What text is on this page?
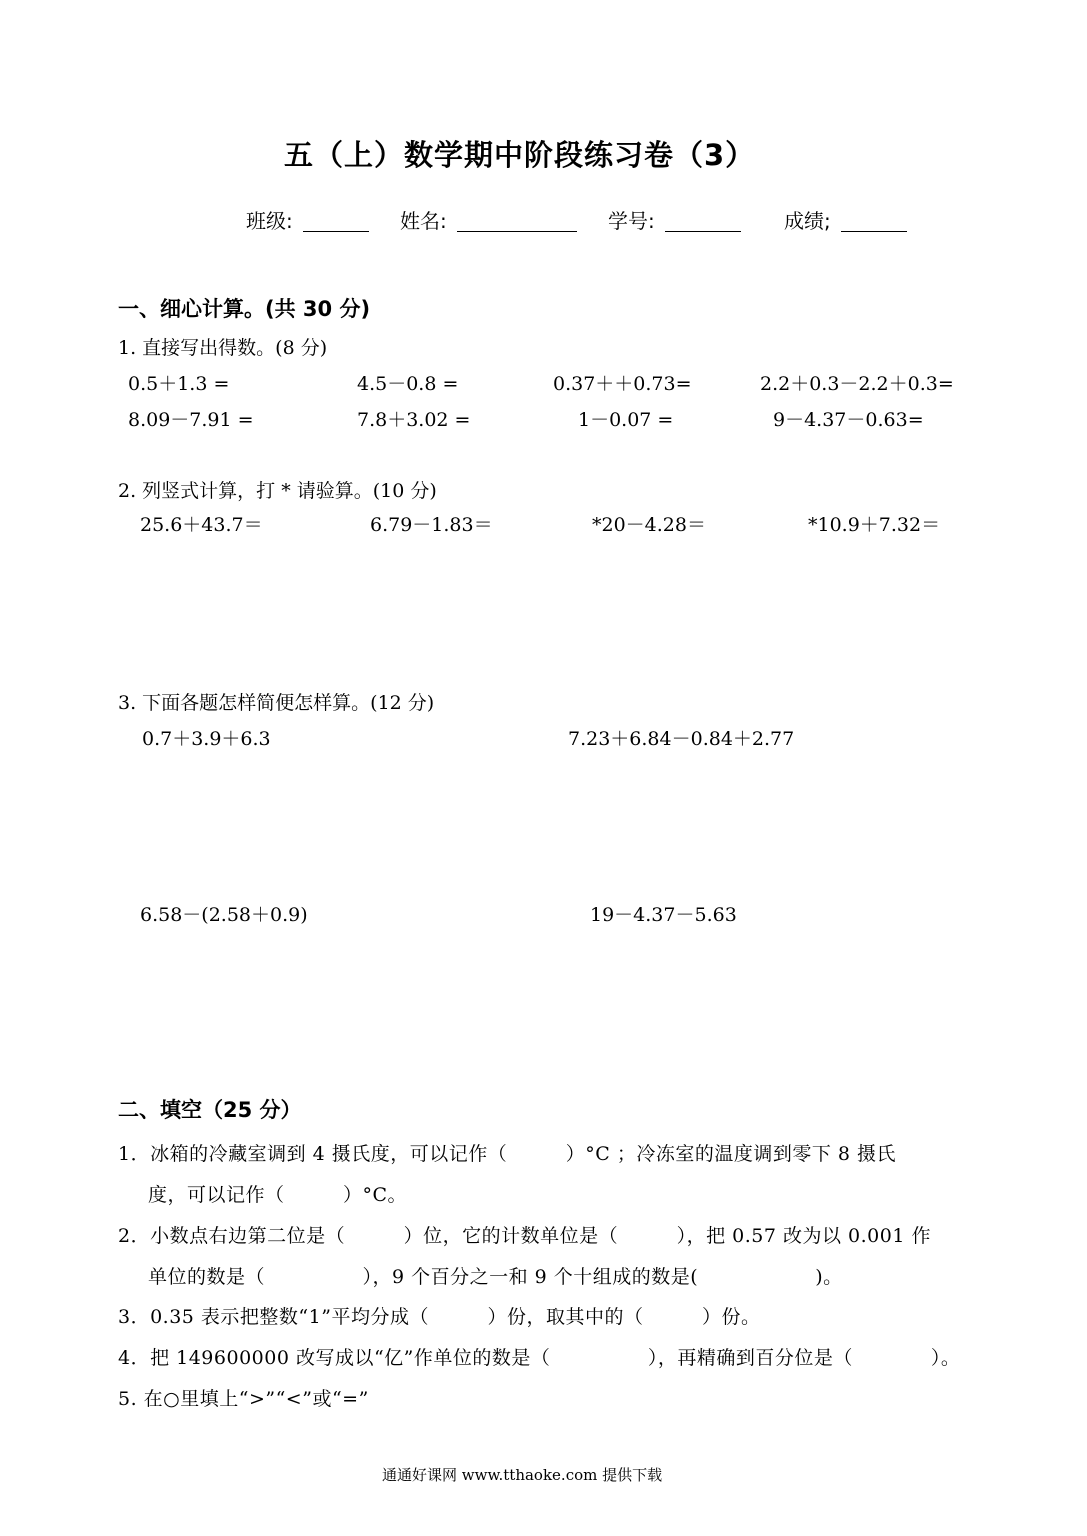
五（上）数学期中阶段练习卷（3）
班级:	姓名:	学号:	成绩;
一、细心计算。(共 30 分)
1. 直接写出得数。(8 分)
0.5＋1.3 =	4.5－0.8 =	0.37＋＋0.73=	2.2＋0.3－2.2＋0.3=
8.09－7.91 =	7.8＋3.02 =	1－0.07 =	9－4.37－0.63=
2. 列竖式计算，打 * 请验算。(10 分)
25.6＋43.7＝	6.79－1.83＝	*20－4.28＝	*10.9＋7.32＝
3. 下面各题怎样简便怎样算。(12 分)
0.7＋3.9＋6.3	7.23＋6.84－0.84＋2.77
6.58－(2.58＋0.9)	19－4.37－5.63
二、填空（25 分）
1．冰箱的冷藏室调到 4 摄氏度，可以记作（　　　）°C ；冷冻室的温度调到零下 8 摄氏
度，可以记作（　　　）°C。
2．小数点右边第二位是（　　　）位，它的计数单位是（　　　），把 0.57 改为以 0.001 作
单位的数是（　　　　　），9 个百分之一和 9 个十组成的数是(　　　　　　)。
3．0.35 表示把整数“1”平均分成（　　　）份，取其中的（　　　）份。
4．把 149600000 改写成以“亿”作单位的数是（　　　　　），再精确到百分位是（　　　　）。
5. 在○里填上“>”“<”或“=”
通通好课网 www.tthaoke.com 提供下载
